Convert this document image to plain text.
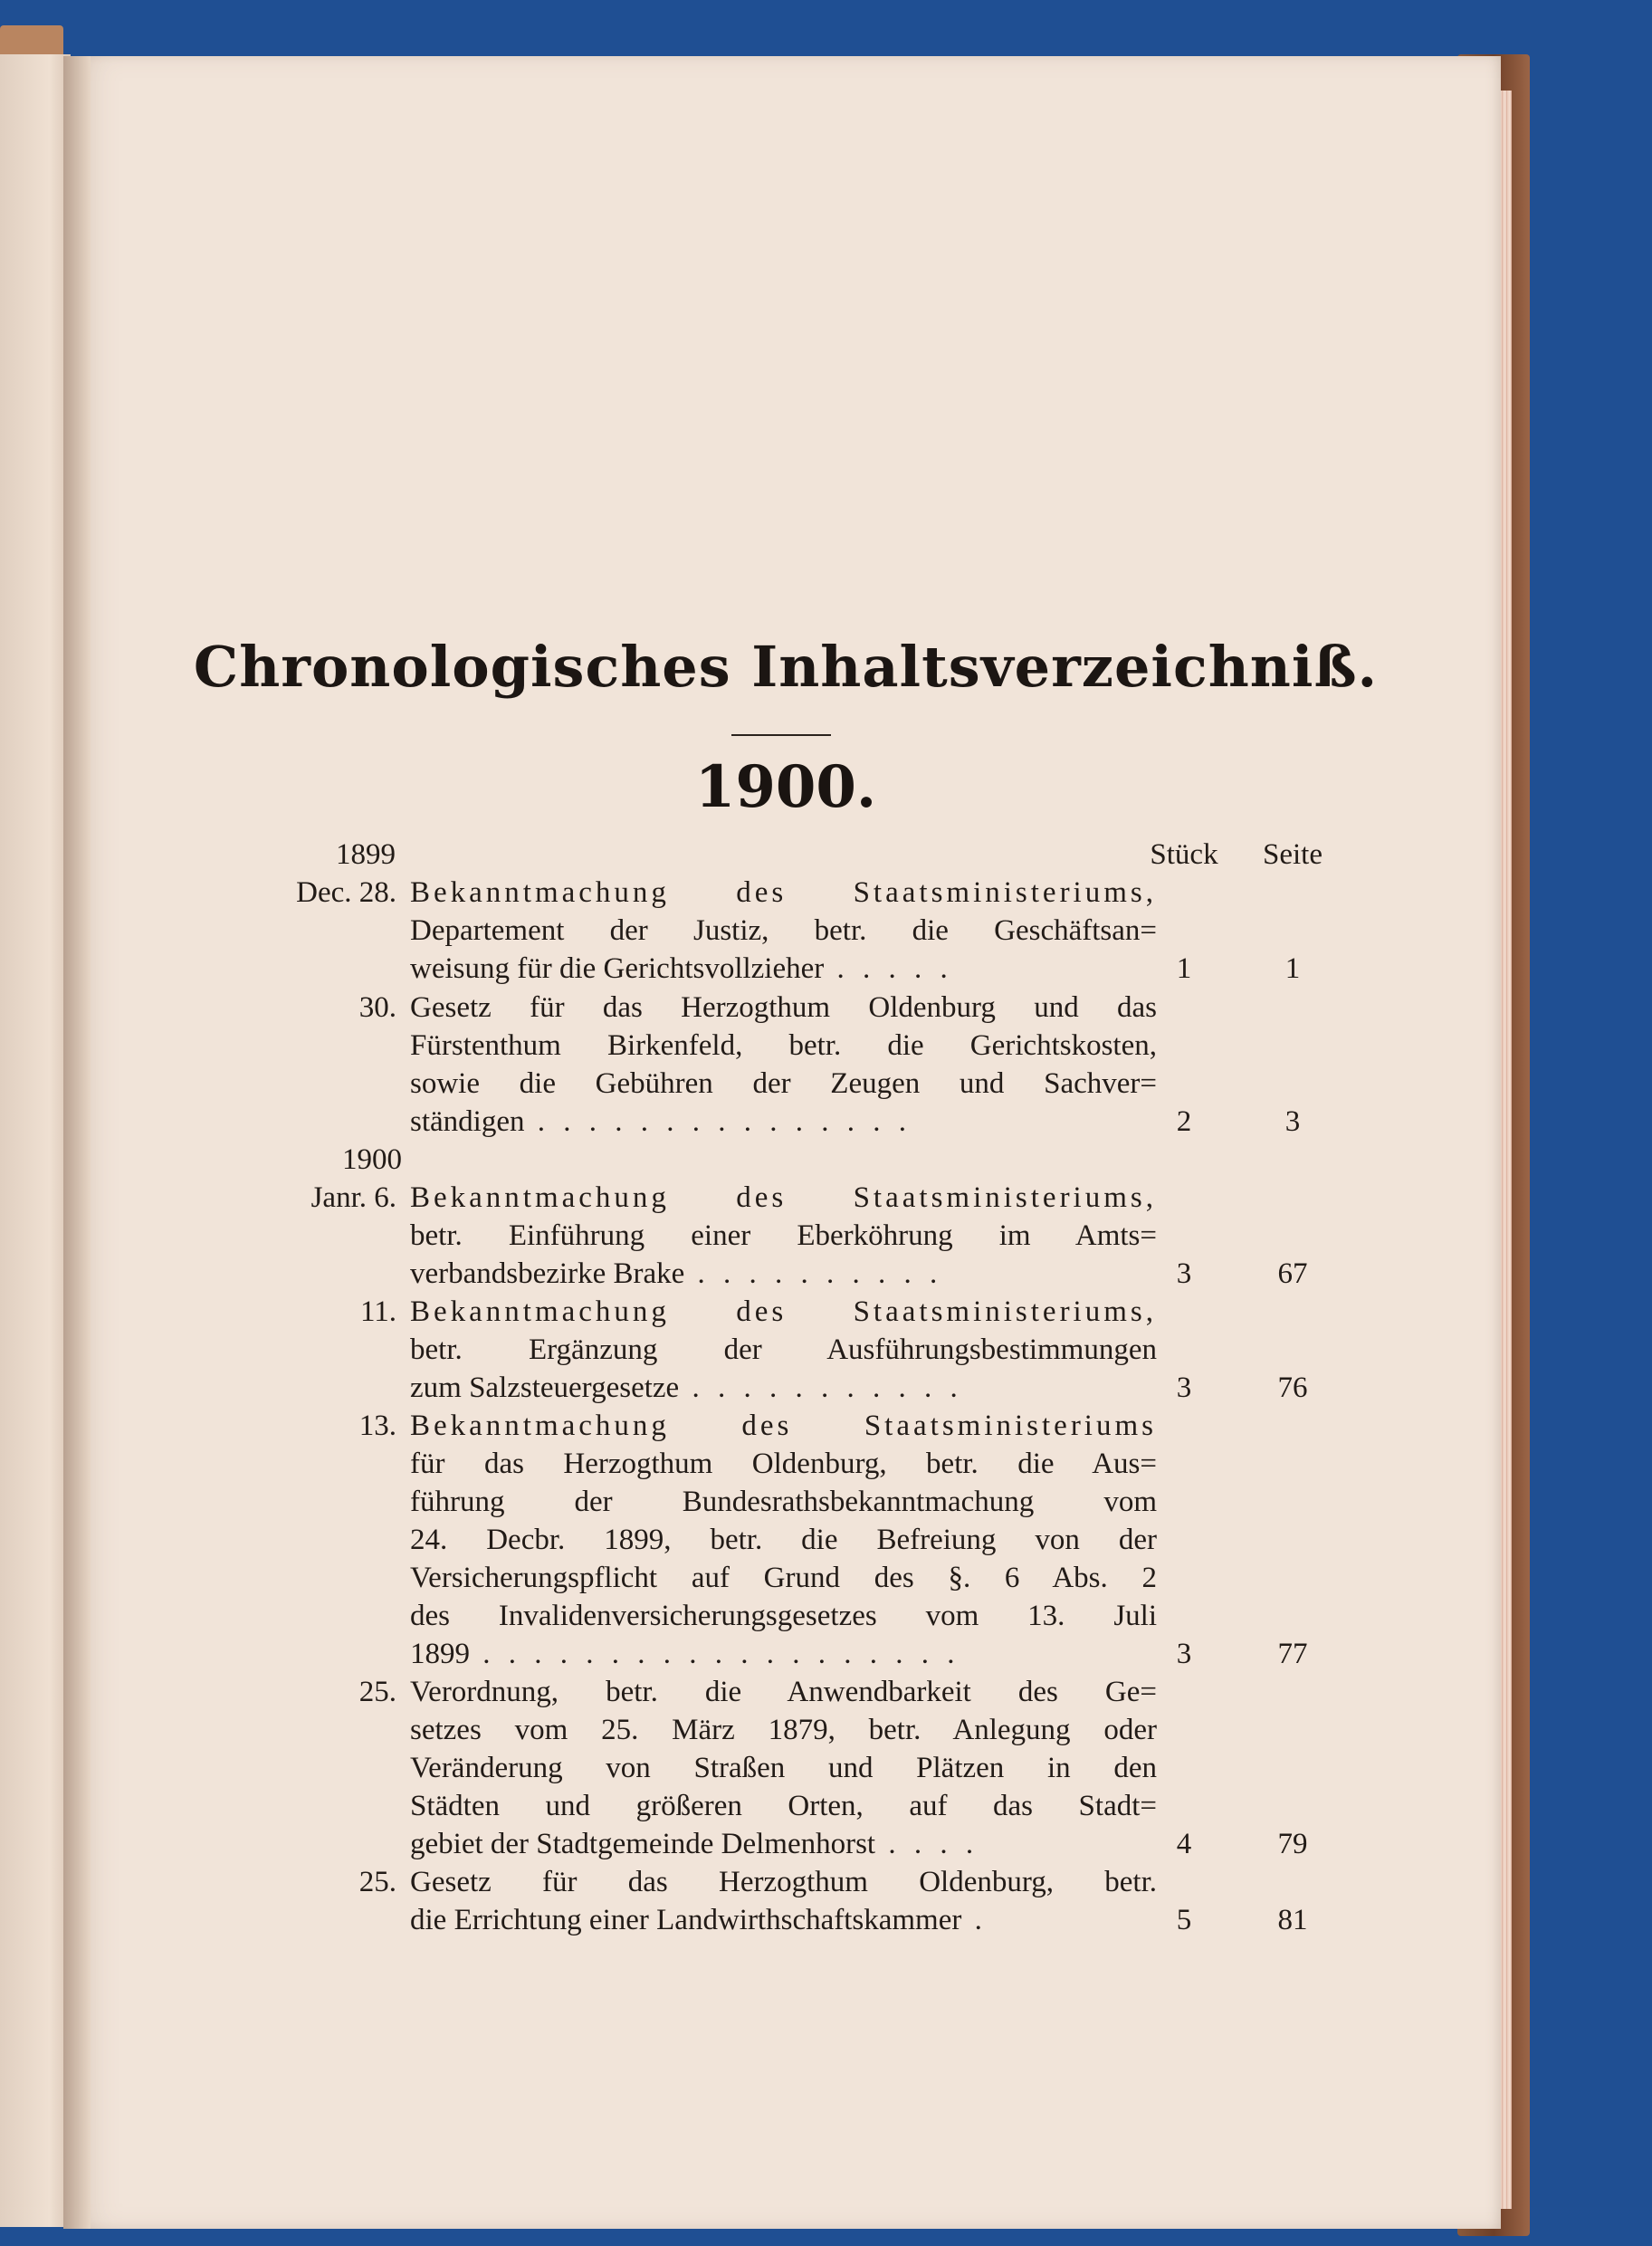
Chronologisches Inhaltsverzeichniß.
1900.
1899	Stück	Seite
Dec. 28. Bekanntmachung des Staatsministeriums,
Departement der Justiz, betr. die Geschäftsan=
weisung für die Gerichtsvollzieher . . . . .	1	1
30. Gesetz für das Herzogthum Oldenburg und das
Fürstenthum Birkenfeld, betr. die Gerichtskosten,
sowie die Gebühren der Zeugen und Sachver=
ständigen . . . . . . . . . . . . . . .	2	3
1900
Janr. 6. Bekanntmachung des Staatsministeriums,
betr. Einführung einer Eberköhrung im Amts=
verbandsbezirke Brake . . . . . . . . . .	3	67
11. Bekanntmachung des Staatsministeriums,
betr. Ergänzung der Ausführungsbestimmungen
zum Salzsteuergesetze . . . . . . . . . . .	3	76
13. Bekanntmachung des Staatsministeriums
für das Herzogthum Oldenburg, betr. die Aus=
führung der Bundesrathsbekanntmachung vom
24. Decbr. 1899, betr. die Befreiung von der
Versicherungspflicht auf Grund des §. 6 Abs. 2
des Invalidenversicherungsgesetzes vom 13. Juli
1899 . . . . . . . . . . . . . . . . . . .	3	77
25. Verordnung, betr. die Anwendbarkeit des Ge=
setzes vom 25. März 1879, betr. Anlegung oder
Veränderung von Straßen und Plätzen in den
Städten und größeren Orten, auf das Stadt=
gebiet der Stadtgemeinde Delmenhorst . . . .	4	79
25. Gesetz für das Herzogthum Oldenburg, betr.
die Errichtung einer Landwirthschaftskammer .	5	81
